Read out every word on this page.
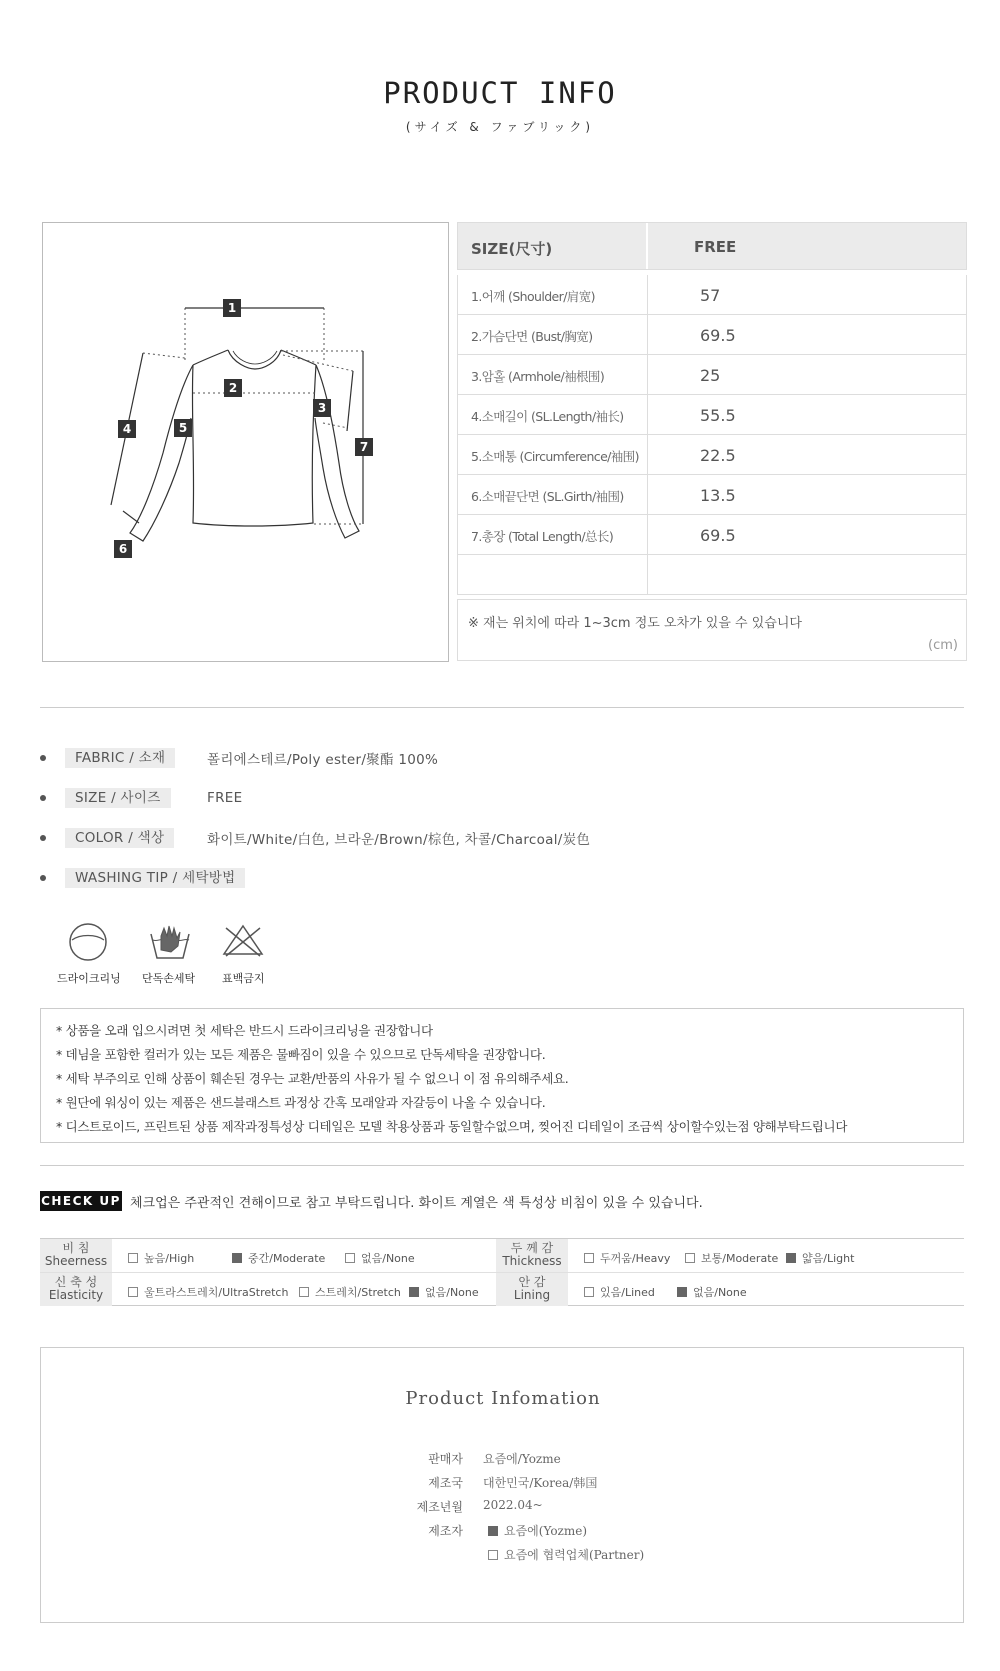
PRODUCT INFO
(サイズ & ファブリック)
1
2
3
4	5
6
7
SIZE(尺寸)	FREE
1.어깨 (Shoulder/肩宽)	57
2.가슴단면 (Bust/胸宽)	69.5
3.암홀 (Armhole/袖根围)	25
4.소매길이 (SL.Length/袖长)	55.5
5.소매통 (Circumference/袖围)	22.5
6.소매끝단면 (SL.Girth/袖围)	13.5
7.총장 (Total Length/总长)	69.5
※ 재는 위치에 따라 1~3cm 정도 오차가 있을 수 있습니다
(cm)
FABRIC / 소재	폴리에스테르/Poly ester/聚酯 100%
SIZE / 사이즈	FREE
COLOR / 색상	화이트/White/白色, 브라운/Brown/棕色, 차콜/Charcoal/炭色
WASHING TIP / 세탁방법
드라이크리닝 단독손세탁 표백금지
* 상품을 오래 입으시려면 첫 세탁은 반드시 드라이크리닝을 권장합니다
* 데님을 포함한 컬러가 있는 모든 제품은 물빠짐이 있을 수 있으므로 단독세탁을 권장합니다.
* 세탁 부주의로 인해 상품이 훼손된 경우는 교환/반품의 사유가 될 수 없으니 이 점 유의해주세요.
* 원단에 워싱이 있는 제품은 샌드블래스트 과정상 간혹 모래알과 자갈등이 나올 수 있습니다.
* 디스트로이드, 프린트된 상품 제작과정특성상 디테일은 모델 착용상품과 동일할수없으며, 찢어진 디테일이 조금씩 상이할수있는점 양해부탁드립니다
CHECK UP 체크업은 주관적인 견해이므로 참고 부탁드립니다. 화이트 계열은 색 특성상 비침이 있을 수 있습니다.
비 침
Sheerness	높음/High	중간/Moderate	없음/None
두 께 감
Thickness	두꺼움/Heavy	보통/Moderate 얇음/Light
신 축 성
Elasticity	울트라스트레치/UltraStretch 스트레치/Stretch 없음/None
안 감
Lining	있음/Lined	없음/None
Product Infomation
판매자 요즘에/Yozme
제조국 대한민국/Korea/韩国
제조년월 2022.04~
제조자	요즘에(Yozme)
요즘에 협력업체(Partner)
